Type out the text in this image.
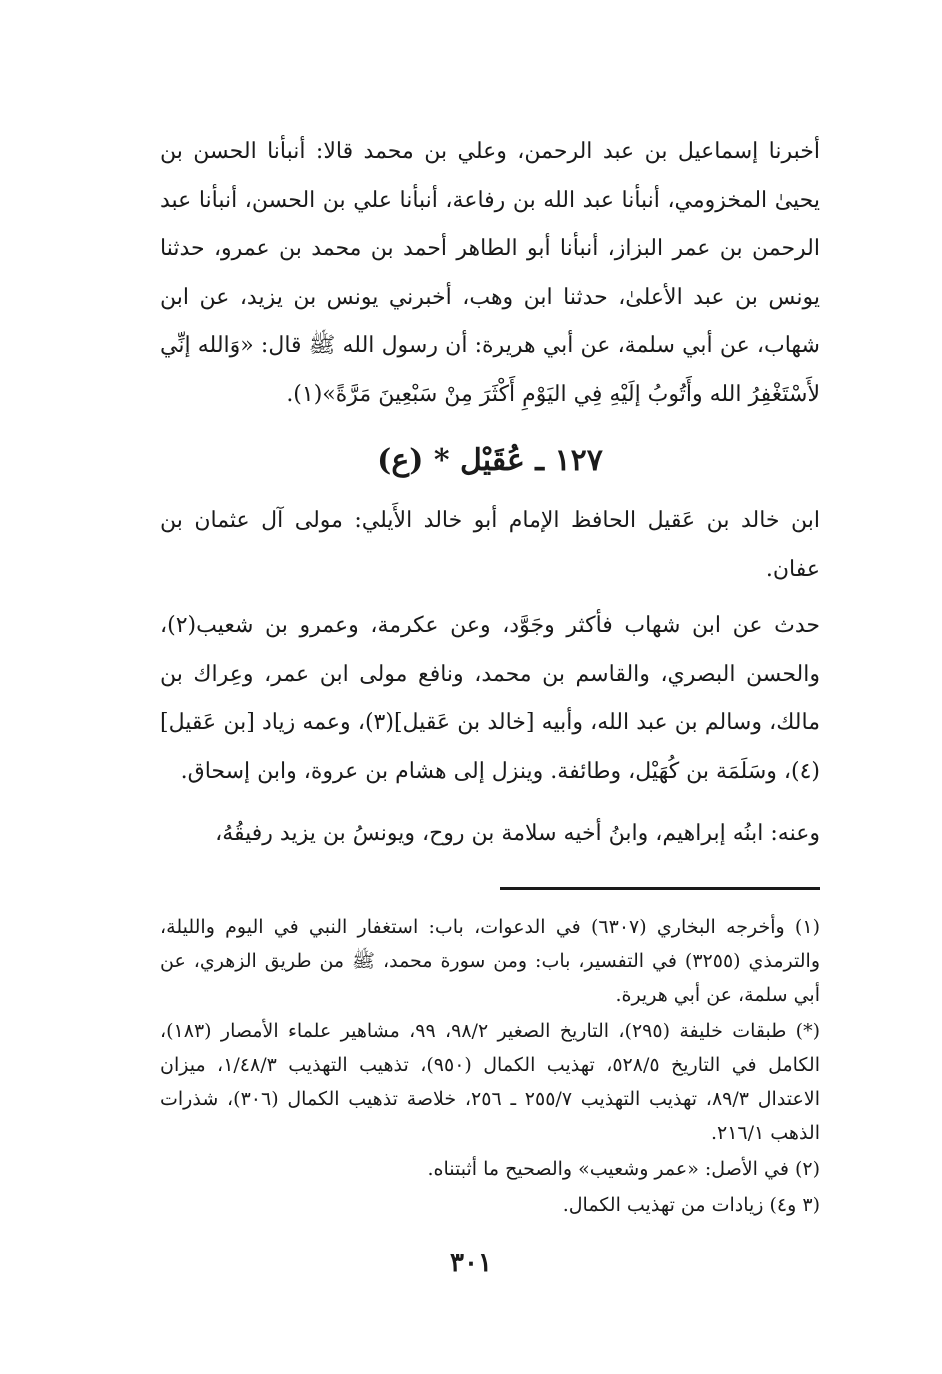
أخبرنا إسماعيل بن عبد الرحمن، وعلي بن محمد قالا: أنبأنا الحسن بن يحيىٰ المخزومي، أنبأنا عبد الله بن رفاعة، أنبأنا علي بن الحسن، أنبأنا عبد الرحمن بن عمر البزاز، أنبأنا أبو الطاهر أحمد بن محمد بن عمرو، حدثنا يونس بن عبد الأعلىٰ، حدثنا ابن وهب، أخبرني يونس بن يزيد، عن ابن شهاب، عن أبي سلمة، عن أبي هريرة: أن رسول الله ﷺ قال: «وَالله إنِّي لأَسْتَغْفِرُ الله وأَتُوبُ إلَيْهِ فِي اليَوْمِ أَكْثَرَ مِنْ سَبْعِينَ مَرَّةً»(١).

١٢٧ ـ عُقَيْل * (ع)

ابن خالد بن عَقيل الحافظ الإمام أبو خالد الأَيلي: مولى آل عثمان بن عفان.

حدث عن ابن شهاب فأكثر وجَوَّد، وعن عكرمة، وعمرو بن شعيب(٢)، والحسن البصري، والقاسم بن محمد، ونافع مولى ابن عمر، وعِراك بن مالك، وسالم بن عبد الله، وأبيه [خالد بن عَقيل](٣)، وعمه زياد [بن عَقيل](٤)، وسَلَمَة بن كُهَيْل، وطائفة. وينزل إلى هشام بن عروة، وابن إسحاق.

وعنه: ابنُه إبراهيم، وابنُ أخيه سلامة بن روح، ويونسُ بن يزيد رفيقُهُ،

(١) وأخرجه البخاري (٦٣٠٧) في الدعوات، باب: استغفار النبي في اليوم والليلة، والترمذي (٣٢٥٥) في التفسير، باب: ومن سورة محمد، ﷺ من طريق الزهري، عن أبي سلمة، عن أبي هريرة.

(*) طبقات خليفة (٢٩٥)، التاريخ الصغير ٩٨/٢، ٩٩، مشاهير علماء الأمصار (١٨٣)، الكامل في التاريخ ٥٢٨/٥، تهذيب الكمال (٩٥٠)، تذهيب التهذيب ١/٤٨/٣، ميزان الاعتدال ٨٩/٣، تهذيب التهذيب ٢٥٥/٧ ـ ٢٥٦، خلاصة تذهيب الكمال (٣٠٦)، شذرات الذهب ٢١٦/١.

(٢) في الأصل: «عمر وشعيب» والصحيح ما أثبتناه.

(٣ و٤) زيادات من تهذيب الكمال.

٣٠١
